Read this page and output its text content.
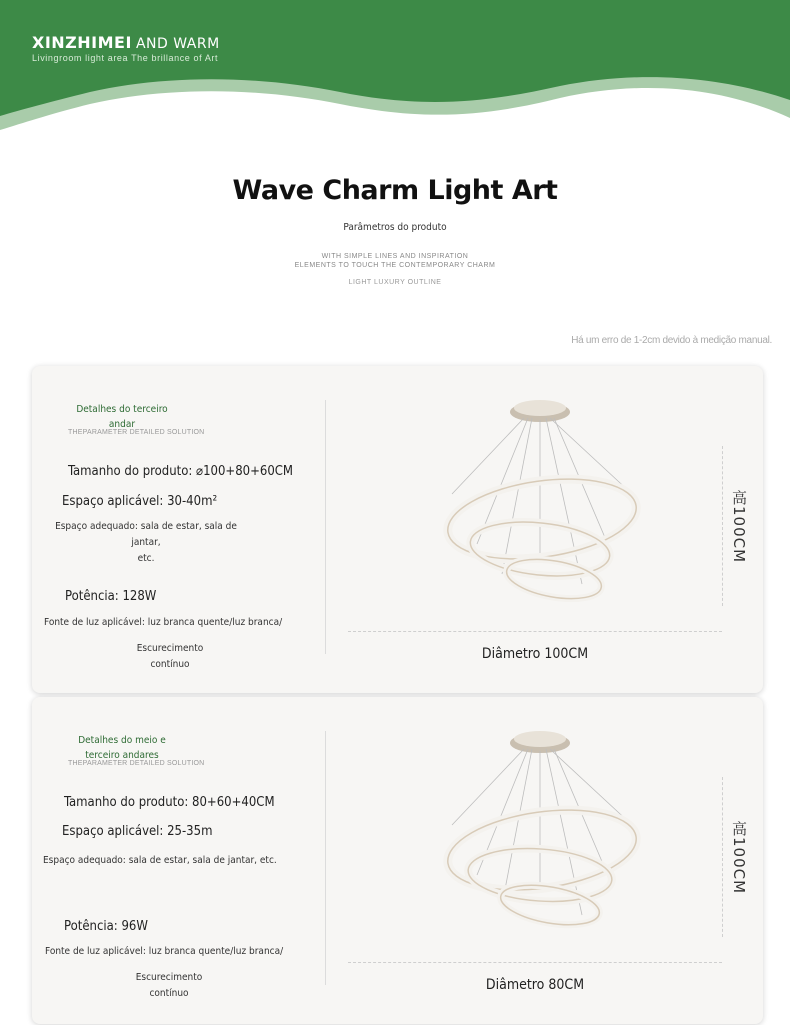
XINZHIMEI AND WARM
Livingroom light area The brillance of Art
Wave Charm Light Art
Parâmetros do produto
WITH SIMPLE LINES AND INSPIRATION
ELEMENTS TO TOUCH THE CONTEMPORARY CHARM
LIGHT LUXURY OUTLINE
Há um erro de 1-2cm devido à medição manual.
Detalhes do terceiro andar
THEPARAMETER DETAILED SOLUTION
Tamanho do produto: ⌀100+80+60CM
Espaço aplicável: 30-40m²
Espaço adequado: sala de estar, sala de jantar,
etc.
Potência: 128W
Fonte de luz aplicável: luz branca quente/luz branca/
Escurecimento
contínuo
高100CM
Diâmetro 100CM
Detalhes do meio e terceiro andares
THEPARAMETER DETAILED SOLUTION
Tamanho do produto: 80+60+40CM
Espaço aplicável: 25-35m
Espaço adequado: sala de estar, sala de jantar, etc.
Potência: 96W
Fonte de luz aplicável: luz branca quente/luz branca/
Escurecimento
contínuo
高100CM
Diâmetro 80CM
